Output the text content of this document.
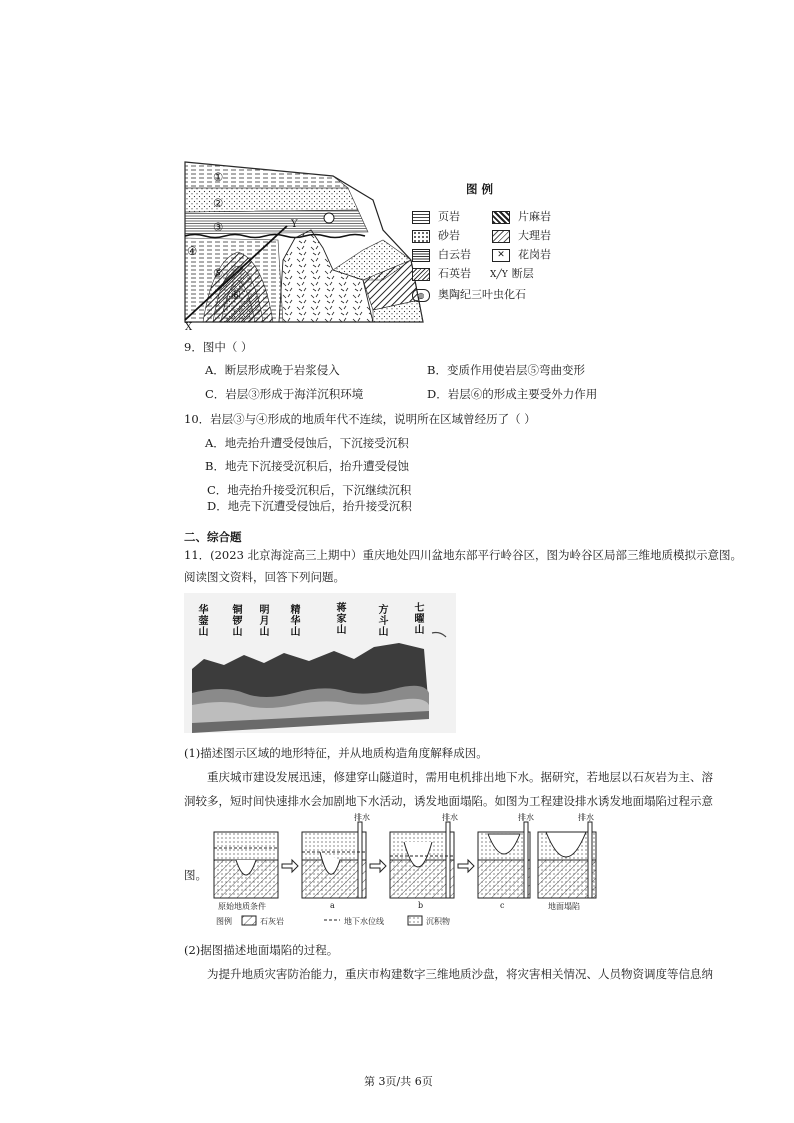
①
②
③
④
⑤
⑥
Y
X
图 例
页岩	片麻岩
砂岩	大理岩
白云岩	✕ 花岗岩
石英岩 X╱Y 断层
◍ 奥陶纪三叶虫化石
9．图中（ ）
A．断层形成晚于岩浆侵入	B．变质作用使岩层⑤弯曲变形
C．岩层③形成于海洋沉积环境	D．岩层⑥的形成主要受外力作用
10．岩层③与④形成的地质年代不连续，说明所在区域曾经历了（ ）
A．地壳抬升遭受侵蚀后，下沉接受沉积
B．地壳下沉接受沉积后，抬升遭受侵蚀
C．地壳抬升接受沉积后，下沉继续沉积
D．地壳下沉遭受侵蚀后，抬升接受沉积
二、综合题
11．(2023 北京海淀高三上期中）重庆地处四川盆地东部平行岭谷区，图为岭谷区局部三维地质模拟示意图。
阅读图文资料，回答下列问题。
华蓥山
铜锣山
明月山
精华山
蒋家山
方斗山
七曜山
(1)描述图示区域的地形特征，并从地质构造角度解释成因。
重庆城市建设发展迅速，修建穿山隧道时，需用电机排出地下水。据研究，若地层以石灰岩为主、溶
洞较多，短时间快速排水会加剧地下水活动，诱发地面塌陷。如图为工程建设排水诱发地面塌陷过程示意
排水	排水	排水	排水
原始地质条件	a	b	c	地面塌陷
图例	石灰岩	地下水位线	沉积物
图。
(2)据图描述地面塌陷的过程。
为提升地质灾害防治能力，重庆市构建数字三维地质沙盘，将灾害相关情况、人员物资调度等信息纳
第 3页/共 6页
